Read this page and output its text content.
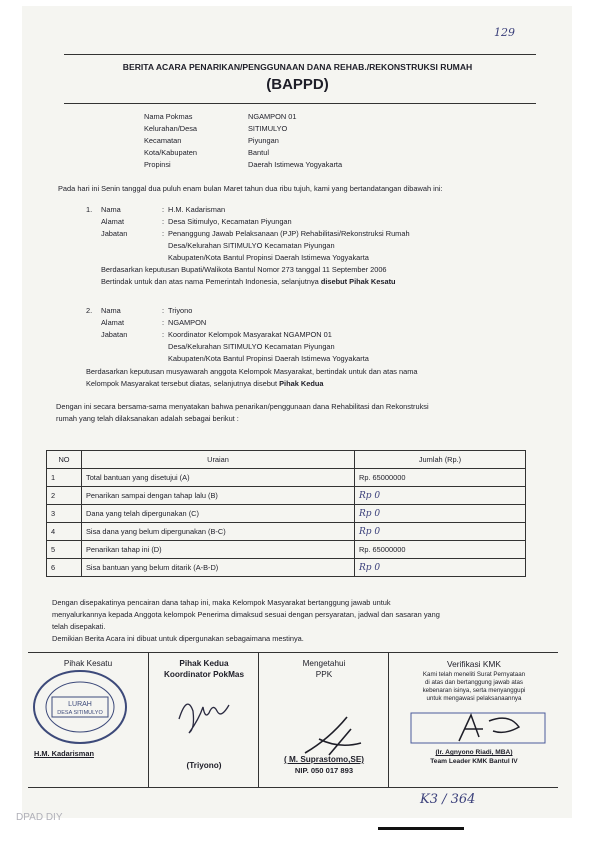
129
BERITA ACARA PENARIKAN/PENGGUNAAN DANA REHAB./REKONSTRUKSI RUMAH
(BAPPD)
Nama Pokmas	NGAMPON 01
Kelurahan/Desa	SITIMULYO
Kecamatan	Piyungan
Kota/Kabupaten	Bantul
Propinsi	Daerah Istimewa Yogyakarta
Pada hari ini Senin tanggal dua puluh enam bulan Maret tahun dua ribu tujuh, kami yang bertandatangan dibawah ini:
1. Nama	: H.M. Kadarisman
Alamat	: Desa Sitimulyo, Kecamatan Piyungan
Jabatan	: Penanggung Jawab Pelaksanaan (PJP) Rehabilitasi/Rekonstruksi Rumah
Desa/Kelurahan SITIMULYO Kecamatan Piyungan
Kabupaten/Kota Bantul Propinsi Daerah Istimewa Yogyakarta
Berdasarkan keputusan Bupati/Walikota Bantul Nomor 273 tanggal 11 September 2006
Bertindak untuk dan atas nama Pemerintah Indonesia, selanjutnya disebut Pihak Kesatu
2. Nama	: Triyono
Alamat	: NGAMPON
Jabatan	: Koordinator Kelompok Masyarakat NGAMPON 01
Desa/Kelurahan SITIMULYO Kecamatan Piyungan
Kabupaten/Kota Bantul Propinsi Daerah Istimewa Yogyakarta
Berdasarkan keputusan musyawarah anggota Kelompok Masyarakat, bertindak untuk dan atas nama
Kelompok Masyarakat tersebut diatas, selanjutnya disebut Pihak Kedua
Dengan ini secara bersama-sama menyatakan bahwa penarikan/penggunaan dana Rehabilitasi dan Rekonstruksi
rumah yang telah dilaksanakan adalah sebagai berikut :
NO	Uraian	Jumlah (Rp.)
1	Total bantuan yang disetujui (A)	Rp. 65000000
2	Penarikan sampai dengan tahap lalu (B)	Rp 0
3	Dana yang telah dipergunakan (C)	Rp 0
4	Sisa dana yang belum dipergunakan (B-C)	Rp 0
5	Penarikan tahap ini (D)	Rp. 65000000
6	Sisa bantuan yang belum ditarik (A-B-D)	Rp 0
Dengan disepakatinya pencairan dana tahap ini, maka Kelompok Masyarakat bertanggung jawab untuk
menyalurkannya kepada Anggota kelompok Penerima dimaksud sesuai dengan persyaratan, jadwal dan sasaran yang
telah disepakati.
Demikian Berita Acara ini dibuat untuk dipergunakan sebagaimana mestinya.
Pihak Kesatu
LURAH
DESA SITIMULYO
H.M. Kadarisman
Pihak Kedua
Koordinator PokMas
(Triyono)
Mengetahui
PPK
( M. Suprastomo,SE)
NIP. 050 017 893
Verifikasi KMK
Kami telah meneliti Surat Pernyataan
di atas dan bertanggung jawab atas
kebenaran isinya, serta menyanggupi
untuk mengawasi pelaksanaannya
(Ir. Agnyono Riadi, MBA)
Team Leader KMK Bantul IV
K3 / 364
DPAD DIY
